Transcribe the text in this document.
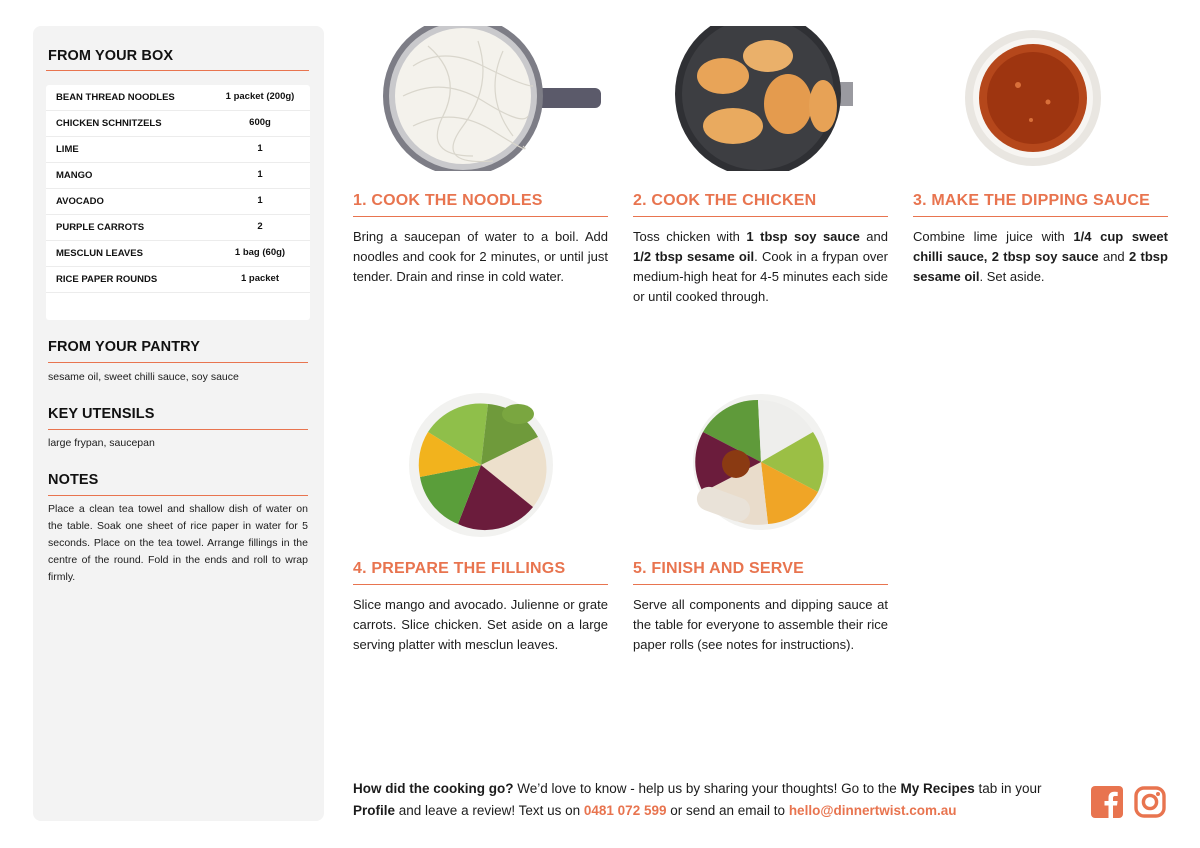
FROM YOUR BOX
BEAN THREAD NOODLES	1 packet (200g)
CHICKEN SCHNITZELS	600g
LIME	1
MANGO	1
AVOCADO	1
PURPLE CARROTS	2
MESCLUN LEAVES	1 bag (60g)
RICE PAPER ROUNDS	1 packet
FROM YOUR PANTRY
sesame oil, sweet chilli sauce, soy sauce
KEY UTENSILS
large frypan, saucepan
NOTES
Place a clean tea towel and shallow dish of water on the table. Soak one sheet of rice paper in water for 5 seconds. Place on the tea towel. Arrange fillings in the centre of the round. Fold in the ends and roll to wrap firmly.
1. COOK THE NOODLES
Bring a saucepan of water to a boil. Add noodles and cook for 2 minutes, or until just tender. Drain and rinse in cold water.
2. COOK THE CHICKEN
Toss chicken with 1 tbsp soy sauce and 1/2 tbsp sesame oil. Cook in a frypan over medium-high heat for 4-5 minutes each side or until cooked through.
3. MAKE THE DIPPING SAUCE
Combine lime juice with 1/4 cup sweet chilli sauce, 2 tbsp soy sauce and 2 tbsp sesame oil. Set aside.
4. PREPARE THE FILLINGS
Slice mango and avocado. Julienne or grate carrots. Slice chicken. Set aside on a large serving platter with mesclun leaves.
5. FINISH AND SERVE
Serve all components and dipping sauce at the table for everyone to assemble their rice paper rolls (see notes for instructions).
How did the cooking go? We’d love to know - help us by sharing your thoughts! Go to the My Recipes tab in your Profile and leave a review! Text us on 0481 072 599 or send an email to hello@dinnertwist.com.au
